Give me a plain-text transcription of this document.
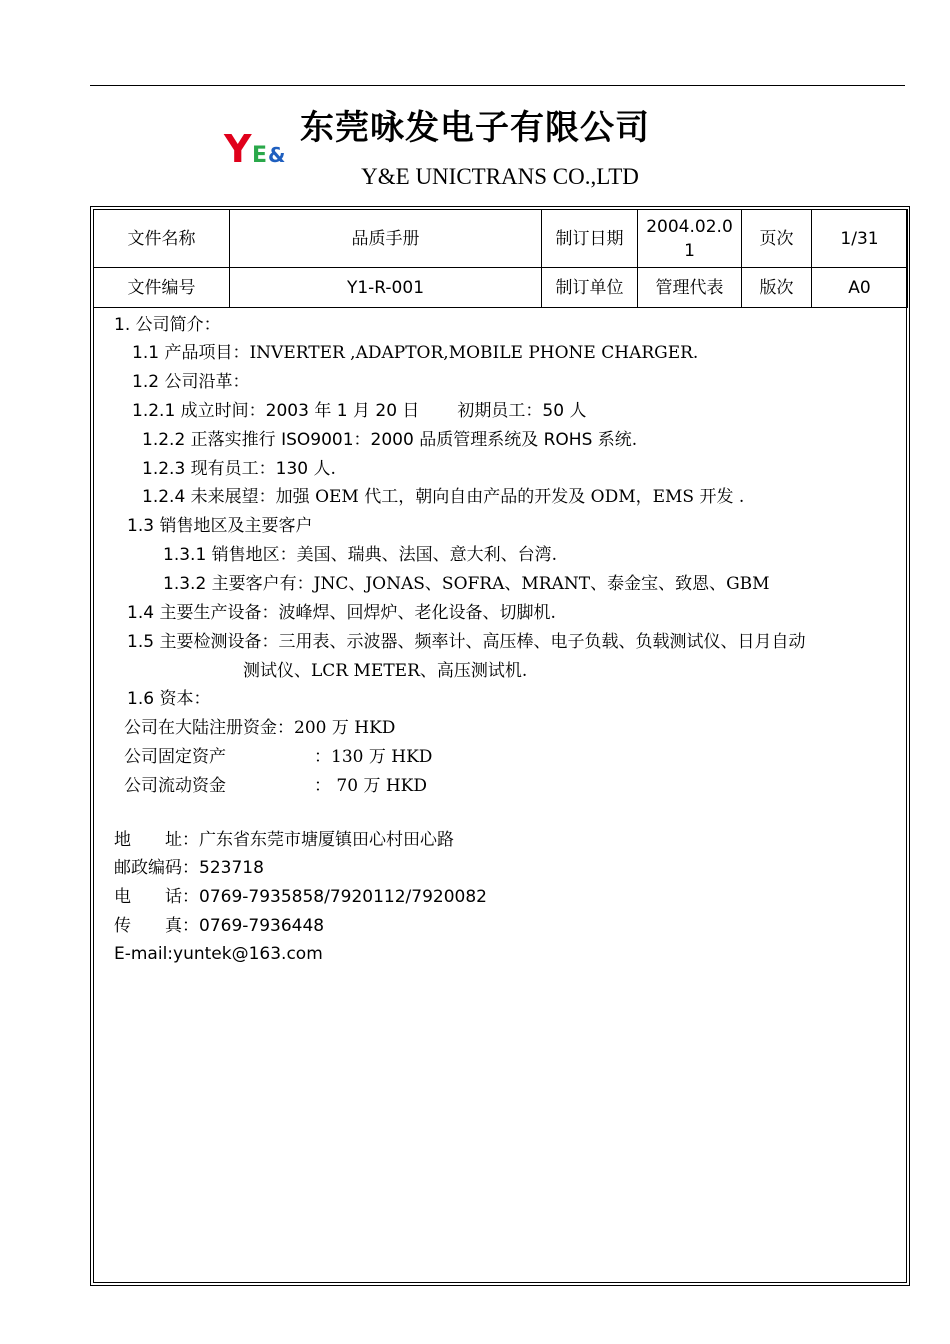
Y E &
东莞咏发电子有限公司
Y&E UNICTRANS CO.,LTD
文件名称	品质手册	制订日期	2004.02.01	页次	1/31
文件编号	Y1-R-001	制订单位	管理代表	版次	A0
1. 公司简介：
1.1 产品项目：INVERTER ,ADAPTOR,MOBILE PHONE CHARGER.
1.2 公司沿革：
1.2.1 成立时间：2003 年 1 月 20 日 初期员工：50 人
1.2.2 正落实推行 ISO9001：2000 品质管理系统及 ROHS 系统.
1.2.3 现有员工：130 人.
1.2.4 未来展望：加强 OEM 代工，朝向自由产品的开发及 ODM，EMS 开发 .
1.3 销售地区及主要客户
1.3.1 销售地区：美国、瑞典、法国、意大利、台湾.
1.3.2 主要客户有：JNC、JONAS、SOFRA、MRANT、泰金宝、致恩、GBM
1.4 主要生产设备：波峰焊、回焊炉、老化设备、切脚机.
1.5 主要检测设备：三用表、示波器、频率计、高压棒、电子负载、负载测试仪、日月自动
测试仪、LCR METER、高压测试机.
1.6 资本：
公司在大陆注册资金：200 万 HKD
公司固定资产	：130 万 HKD
公司流动资金	： 70 万 HKD
地　　址：广东省东莞市塘厦镇田心村田心路
邮政编码：523718
电　　话：0769-7935858/7920112/7920082
传　　真：0769-7936448
E-mail:yuntek@163.com
